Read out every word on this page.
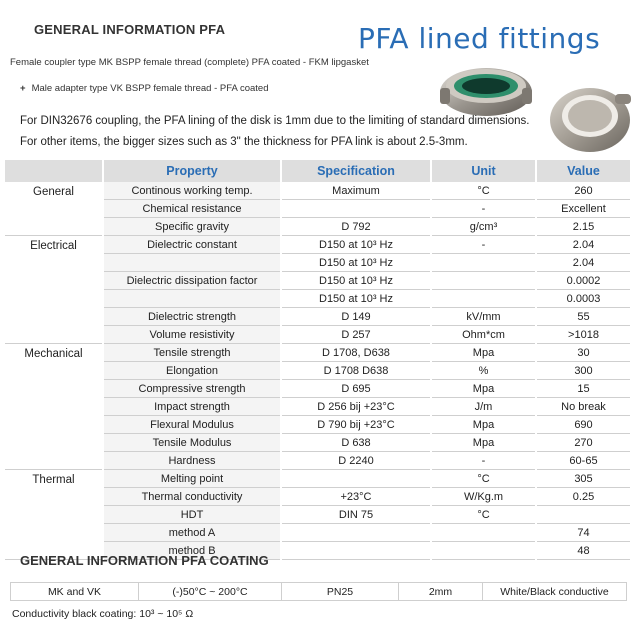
GENERAL INFORMATION PFA	PFA lined fittings
Female coupler type MK BSPP female thread (complete) PFA coated - FKM lipgasket
+ Male adapter type VK BSPP female thread - PFA coated
For DIN32676 coupling, the PFA lining of the disk is 1mm due to the limiting of standard dimensions.
For other items, the bigger sizes such as 3" the thickness for PFA link is about 2.5-3mm.
	Property	Specification	Unit	Value
General	Continous working temp.	Maximum	°C	260
	Chemical resistance		-	Excellent
	Specific gravity	D 792	g/cm³	2.15
Electrical	Dielectric constant	D150 at 10³ Hz	-	2.04
		D150 at 10³ Hz		2.04
	Dielectric dissipation factor	D150 at 10³ Hz		0.0002
		D150 at 10³ Hz		0.0003
	Dielectric strength	D 149	kV/mm	55
	Volume resistivity	D 257	Ohm*cm	>1018
Mechanical	Tensile strength	D 1708, D638	Mpa	30
	Elongation	D 1708 D638	%	300
	Compressive strength	D 695	Mpa	15
	Impact strength	D 256 bij +23°C	J/m	No break
	Flexural Modulus	D 790 bij +23°C	Mpa	690
	Tensile Modulus	D 638	Mpa	270
	Hardness	D 2240	-	60-65
Thermal	Melting point		°C	305
	Thermal conductivity	+23°C	W/Kg.m	0.25
	HDT	DIN 75	°C	
	method A			74
	method B			48
GENERAL INFORMATION PFA COATING
MK and VK	(-)50°C ~ 200°C	PN25	2mm	White/Black conductive
Conductivity black coating: 10³ ~ 10⁵ Ω
